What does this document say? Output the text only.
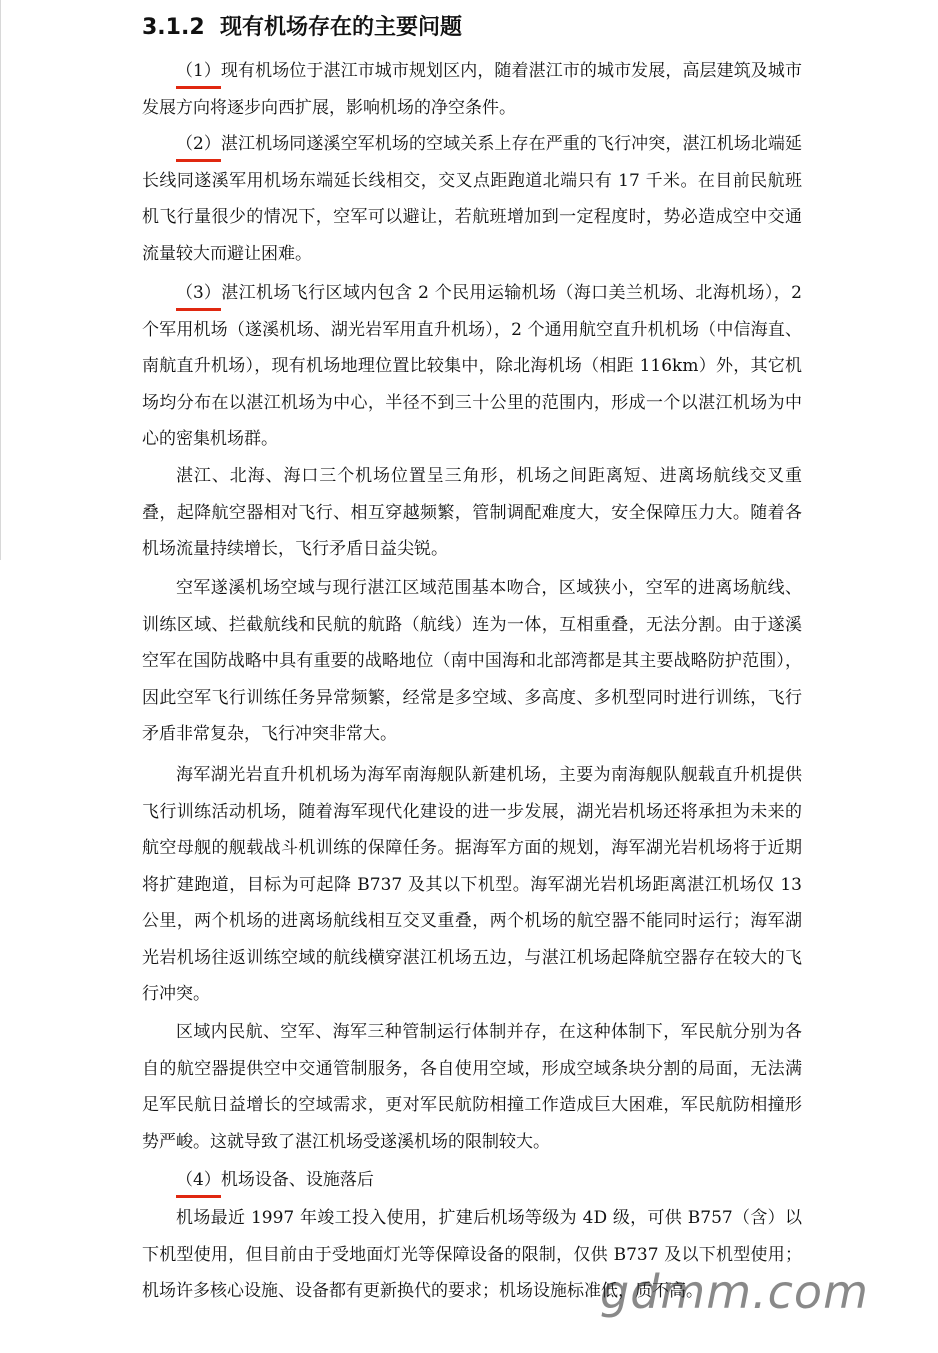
3.1.2 现有机场存在的主要问题

（1）现有机场位于湛江市城市规划区内，随着湛江市的城市发展，高层建筑及城市发展方向将逐步向西扩展，影响机场的净空条件。

（2）湛江机场同遂溪空军机场的空域关系上存在严重的飞行冲突，湛江机场北端延长线同遂溪军用机场东端延长线相交，交叉点距跑道北端只有 17 千米。在目前民航班机飞行量很少的情况下，空军可以避让，若航班增加到一定程度时，势必造成空中交通流量较大而避让困难。

（3）湛江机场飞行区域内包含 2 个民用运输机场（海口美兰机场、北海机场），2 个军用机场（遂溪机场、湖光岩军用直升机场），2 个通用航空直升机机场（中信海直、南航直升机场），现有机场地理位置比较集中，除北海机场（相距 116km）外，其它机场均分布在以湛江机场为中心，半径不到三十公里的范围内，形成一个以湛江机场为中心的密集机场群。

湛江、北海、海口三个机场位置呈三角形，机场之间距离短、进离场航线交叉重叠，起降航空器相对飞行、相互穿越频繁，管制调配难度大，安全保障压力大。随着各机场流量持续增长，飞行矛盾日益尖锐。

空军遂溪机场空域与现行湛江区域范围基本吻合，区域狭小，空军的进离场航线、训练区域、拦截航线和民航的航路（航线）连为一体，互相重叠，无法分割。由于遂溪空军在国防战略中具有重要的战略地位（南中国海和北部湾都是其主要战略防护范围），因此空军飞行训练任务异常频繁，经常是多空域、多高度、多机型同时进行训练，飞行矛盾非常复杂，飞行冲突非常大。

海军湖光岩直升机机场为海军南海舰队新建机场，主要为南海舰队舰载直升机提供飞行训练活动机场，随着海军现代化建设的进一步发展，湖光岩机场还将承担为未来的航空母舰的舰载战斗机训练的保障任务。据海军方面的规划，海军湖光岩机场将于近期将扩建跑道，目标为可起降 B737 及其以下机型。海军湖光岩机场距离湛江机场仅 13 公里，两个机场的进离场航线相互交叉重叠，两个机场的航空器不能同时运行；海军湖光岩机场往返训练空域的航线横穿湛江机场五边，与湛江机场起降航空器存在较大的飞行冲突。

区域内民航、空军、海军三种管制运行体制并存，在这种体制下，军民航分别为各自的航空器提供空中交通管制服务，各自使用空域，形成空域条块分割的局面，无法满足军民航日益增长的空域需求，更对军民航防相撞工作造成巨大困难，军民航防相撞形势严峻。这就导致了湛江机场受遂溪机场的限制较大。

（4）机场设备、设施落后

机场最近 1997 年竣工投入使用，扩建后机场等级为 4D 级，可供 B757（含）以下机型使用，但目前由于受地面灯光等保障设备的限制，仅供 B737 及以下机型使用；机场许多核心设施、设备都有更新换代的要求；机场设施标准低，质不高。

gdmm.com
